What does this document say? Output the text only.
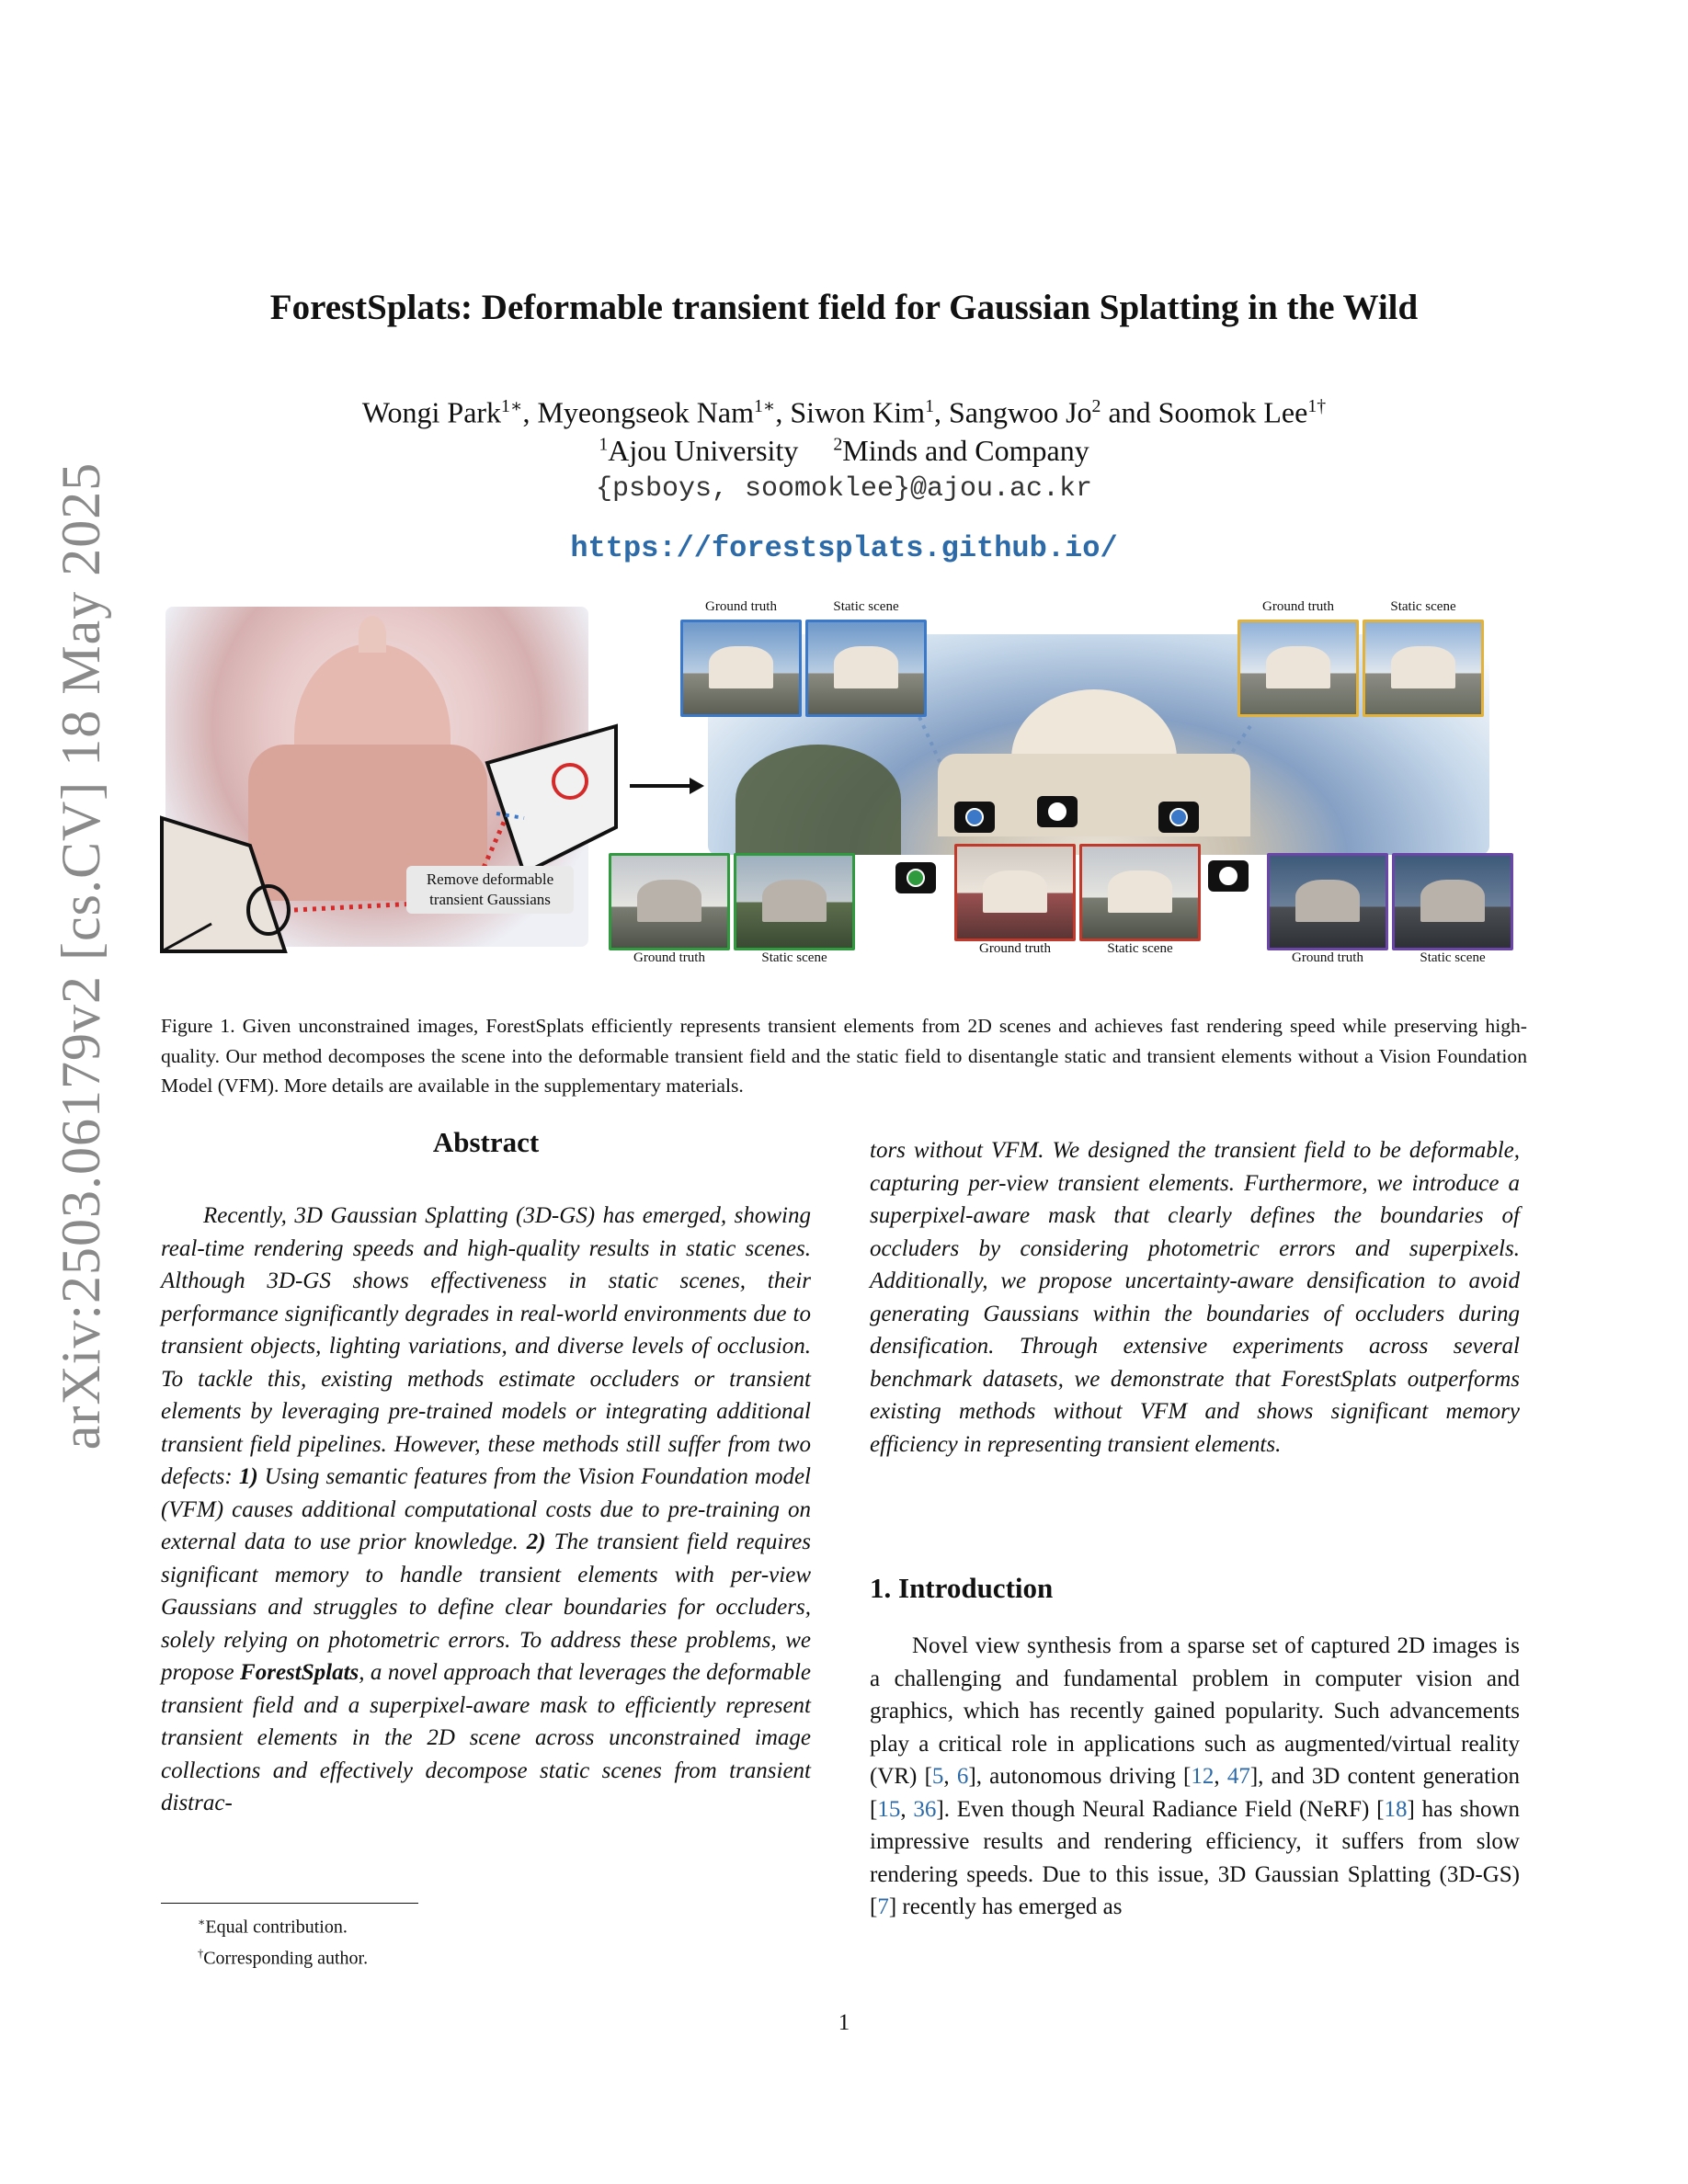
arXiv:2503.06179v2 [cs.CV] 18 May 2025
ForestSplats: Deformable transient field for Gaussian Splatting in the Wild
Wongi Park$^{1∗}$, Myeongseok Nam$^{1∗}$, Siwon Kim$^1$, Sangwoo Jo$^2$ and Soomok Lee$^{1\dagger}$
$^1$Ajou University $^2$Minds and Company
{psboys, soomoklee}@ajou.ac.kr
https://forestsplats.github.io/
Remove deformable
transient Gaussians
Ground truth	Static scene	Ground truth	Static scene
Ground truth	Static scene
Ground truth	Static scene
Ground truth	Static scene
Figure 1. Given unconstrained images, ForestSplats efficiently represents transient elements from 2D scenes and achieves fast rendering speed while preserving high-quality. Our method decomposes the scene into the deformable transient field and the static field to disentangle static and transient elements without a Vision Foundation Model (VFM). More details are available in the supplementary materials.
Abstract

Recently, 3D Gaussian Splatting (3D-GS) has emerged, showing real-time rendering speeds and high-quality results in static scenes. Although 3D-GS shows effectiveness in static scenes, their performance significantly degrades in real-world environments due to transient objects, lighting variations, and diverse levels of occlusion. To tackle this, existing methods estimate occluders or transient elements by leveraging pre-trained models or integrating additional transient field pipelines. However, these methods still suffer from two defects: 1) Using semantic features from the Vision Foundation model (VFM) causes additional computational costs due to pre-training on external data to use prior knowledge. 2) The transient field requires significant memory to handle transient elements with per-view Gaussians and struggles to define clear boundaries for occluders, solely relying on photometric errors. To address these problems, we propose ForestSplats, a novel approach that leverages the deformable transient field and a superpixel-aware mask to efficiently represent transient elements in the 2D scene across unconstrained image collections and effectively decompose static scenes from transient distrac-

tors without VFM. We designed the transient field to be deformable, capturing per-view transient elements. Furthermore, we introduce a superpixel-aware mask that clearly defines the boundaries of occluders by considering photometric errors and superpixels. Additionally, we propose uncertainty-aware densification to avoid generating Gaussians within the boundaries of occluders during densification. Through extensive experiments across several benchmark datasets, we demonstrate that ForestSplats outperforms existing methods without VFM and shows significant memory efficiency in representing transient elements.

1. Introduction

Novel view synthesis from a sparse set of captured 2D images is a challenging and fundamental problem in computer vision and graphics, which has recently gained popularity. Such advancements play a critical role in applications such as augmented/virtual reality (VR) [5, 6], autonomous driving [12, 47], and 3D content generation [15, 36]. Even though Neural Radiance Field (NeRF) [18] has shown impressive results and rendering efficiency, it suffers from slow rendering speeds. Due to this issue, 3D Gaussian Splatting (3D-GS) [7] recently has emerged as

∗Equal contribution.
†Corresponding author.
1
